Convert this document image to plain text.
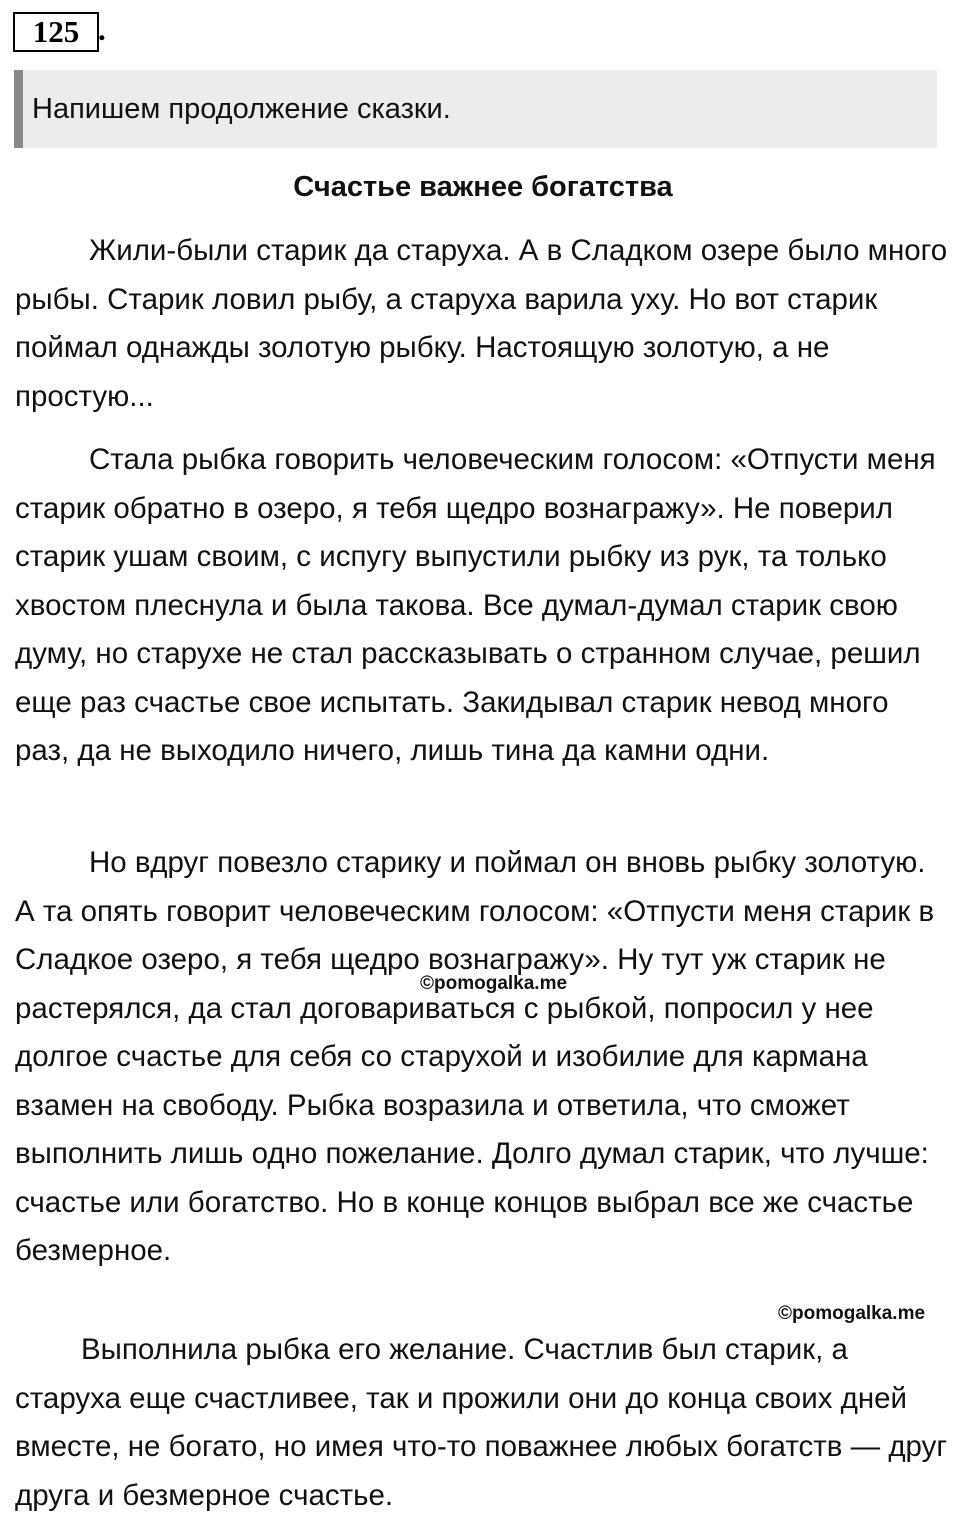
125 .
Напишем продолжение сказки.
Счастье важнее богатства

Жили-были старик да старуха. А в Сладком озере было много рыбы. Старик ловил рыбу, а старуха варила уху. Но вот старик поймал однажды золотую рыбку. Настоящую золотую, а не простую...

Стала рыбка говорить человеческим голосом: «Отпусти меня старик обратно в озеро, я тебя щедро вознагражу». Не поверил старик ушам своим, с испугу выпустили рыбку из рук, та только хвостом плеснула и была такова. Все думал-думал старик свою думу, но старухе не стал рассказывать о странном случае, решил еще раз счастье свое испытать. Закидывал старик невод много раз, да не выходило ничего, лишь тина да камни одни.

Но вдруг повезло старику и поймал он вновь рыбку золотую. А та опять говорит человеческим голосом: «Отпусти меня старик в Сладкое озеро, я тебя щедро вознагражу». Ну тут уж старик не растерялся, да стал договариваться с рыбкой, попросил у нее долгое счастье для себя со старухой и изобилие для кармана взамен на свободу. Рыбка возразила и ответила, что сможет выполнить лишь одно пожелание. Долго думал старик, что лучше: счастье или богатство. Но в конце концов выбрал все же счастье безмерное.

Выполнила рыбка его желание. Счастлив был старик, а старуха еще счастливее, так и прожили они до конца своих дней вместе, не богато, но имея что-то поважнее любых богатств — друг друга и безмерное счастье.

©pomogalka.me
©pomogalka.me
